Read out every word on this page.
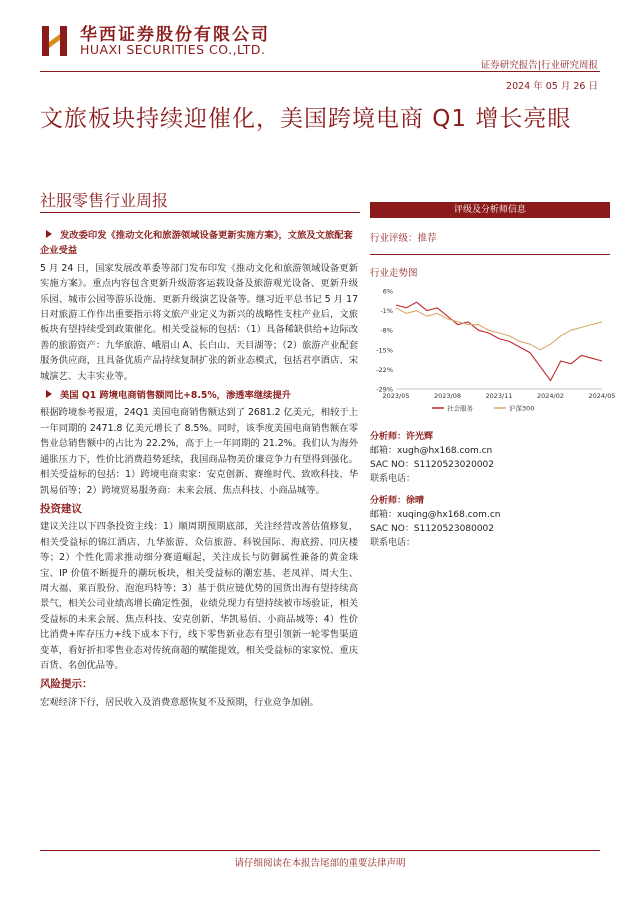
华西证券股份有限公司
HUAXI SECURITIES CO.,LTD.
证券研究报告|行业研究周报
2024 年 05 月 26 日
文旅板块持续迎催化，美国跨境电商 Q1 增长亮眼
社服零售行业周报

发改委印发《推动文化和旅游领域设备更新实施方案》，文旅及文旅配套企业受益

5 月 24 日，国家发展改革委等部门发布印发《推动文化和旅游领域设备更新实施方案》。重点内容包含更新升级游客运载设备及旅游观光设备、更新升级乐园、城市公园等游乐设施、更新升级演艺设备等。继习近平总书记 5 月 17 日对旅游工作作出重要指示将文旅产业定义为新兴的战略性支柱产业后，文旅板块有望持续受到政策催化。相关受益标的包括：（1）具备稀缺供给+边际改善的旅游资产：九华旅游、峨眉山 A、长白山、天目湖等；（2）旅游产业配套服务供应商，且具备优质产品持续复制扩张的新业态模式，包括君亭酒店、宋城演艺、大丰实业等。

美国 Q1 跨境电商销售额同比+8.5%，渗透率继续提升

根据跨境参考报道，24Q1 美国电商销售额达到了 2681.2 亿美元，相较于上一年同期的 2471.8 亿美元增长了 8.5%。同时，该季度美国电商销售额在零售业总销售额中的占比为 22.2%，高于上一年同期的 21.2%。我们认为海外通胀压力下，性价比消费趋势延续，我国商品物美价廉竞争力有望得到强化。相关受益标的包括：1）跨境电商卖家：安克创新、赛维时代、致欧科技、华凯易佰等；2）跨境贸易服务商：未来会展、焦点科技、小商品城等。

投资建议

建议关注以下四条投资主线：1）顺周期预期底部，关注经营改善估值修复，相关受益标的锦江酒店、九华旅游、众信旅游、科锐国际、海底捞、同庆楼等；2）个性化需求推动细分赛道崛起，关注成长与防御属性兼备的黄金珠宝、IP 价值不断提升的潮玩板块，相关受益标的潮宏基、老凤祥、周大生、周大福、莱百股份、泡泡玛特等；3）基于供应链优势的国货出海有望持续高景气，相关公司业绩高增长确定性强，业绩兑现力有望持续被市场验证，相关受益标的未来会展、焦点科技、安克创新、华凯易佰、小商品城等；4）性价比消费+库存压力+线下成本下行，线下零售新业态有望引领新一轮零售渠道变革，看好折扣零售业态对传统商超的赋能提效，相关受益标的家家悦、重庆百货、名创优品等。

风险提示：

宏观经济下行，居民收入及消费意愿恢复不及预期，行业竞争加剧。

评级及分析师信息
行业评级：推荐
行业走势图
6%
-1%
-8%
-15%
-22%
-29%
2023/05	2023/08	2023/11	2024/02	2024/05
社会服务	沪深300
分析师：许光辉
邮箱：xugh@hx168.com.cn
SAC NO：S1120523020002
联系电话：
分析师：徐晴
邮箱：xuqing@hx168.com.cn
SAC NO：S1120523080002
联系电话：
请仔细阅读在本报告尾部的重要法律声明
